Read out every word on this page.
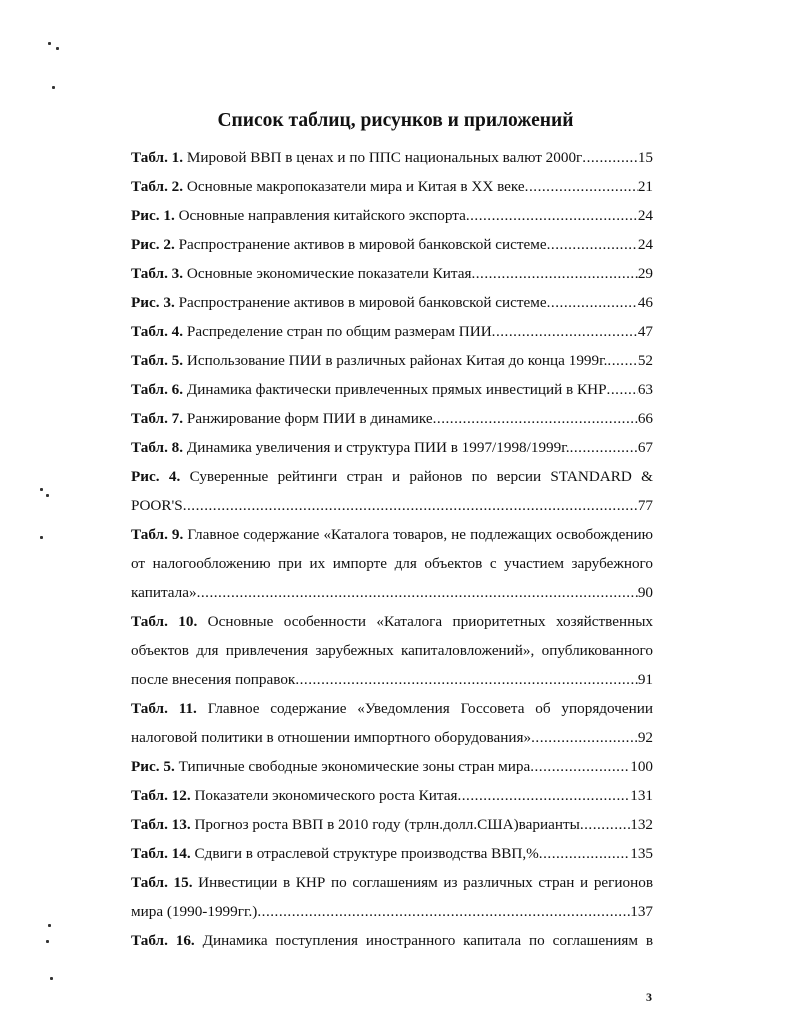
Список таблиц, рисунков и приложений
Табл. 1. Мировой ВВП в ценах и по ППС национальных валют 2000г .....	15
Табл. 2. Основные макропоказатели мира и Китая в XX веке .....	21
Рис. 1. Основные направления китайского экспорта .....	24
Рис. 2. Распространение активов в мировой банковской системе .....	24
Табл. 3. Основные экономические показатели Китая .....	29
Рис. 3. Распространение активов в мировой банковской системе .....	46
Табл. 4. Распределение стран по общим размерам ПИИ .....	47
Табл. 5. Использование ПИИ в различных районах Китая до конца 1999г. ..... 52
Табл. 6. Динамика фактически привлеченных прямых инвестиций в КНР ..... 63
Табл. 7. Ранжирование форм ПИИ в динамике .....	66
Табл. 8. Динамика увеличения и структура ПИИ в 1997/1998/1999г. .....	67
Рис. 4. Суверенные рейтинги стран и районов по версии STANDARD &
POOR'S .....	77
Табл. 9. Главное содержание «Каталога товаров, не подлежащих освобождению
от налогообложению при их импорте для объектов с участием зарубежного
капитала» .....	90
Табл. 10. Основные особенности «Каталога приоритетных хозяйственных
объектов для привлечения зарубежных капиталовложений», опубликованного
после внесения поправок .....	91
Табл. 11. Главное содержание «Уведомления Госсовета об упорядочении
налоговой политики в отношении импортного оборудования» .....	92
Рис. 5. Типичные свободные экономические зоны стран мира .....	100
Табл. 12. Показатели экономического роста Китая .....	131
Табл. 13. Прогноз роста ВВП в 2010 году (трлн.долл.США)варианты .....	132
Табл. 14. Сдвиги в отраслевой структуре производства ВВП,% .....	135
Табл. 15. Инвестиции в КНР по соглашениям из различных стран и регионов
мира (1990-1999гг.) .....	137
Табл. 16. Динамика поступления иностранного капитала по соглашениям в
3
